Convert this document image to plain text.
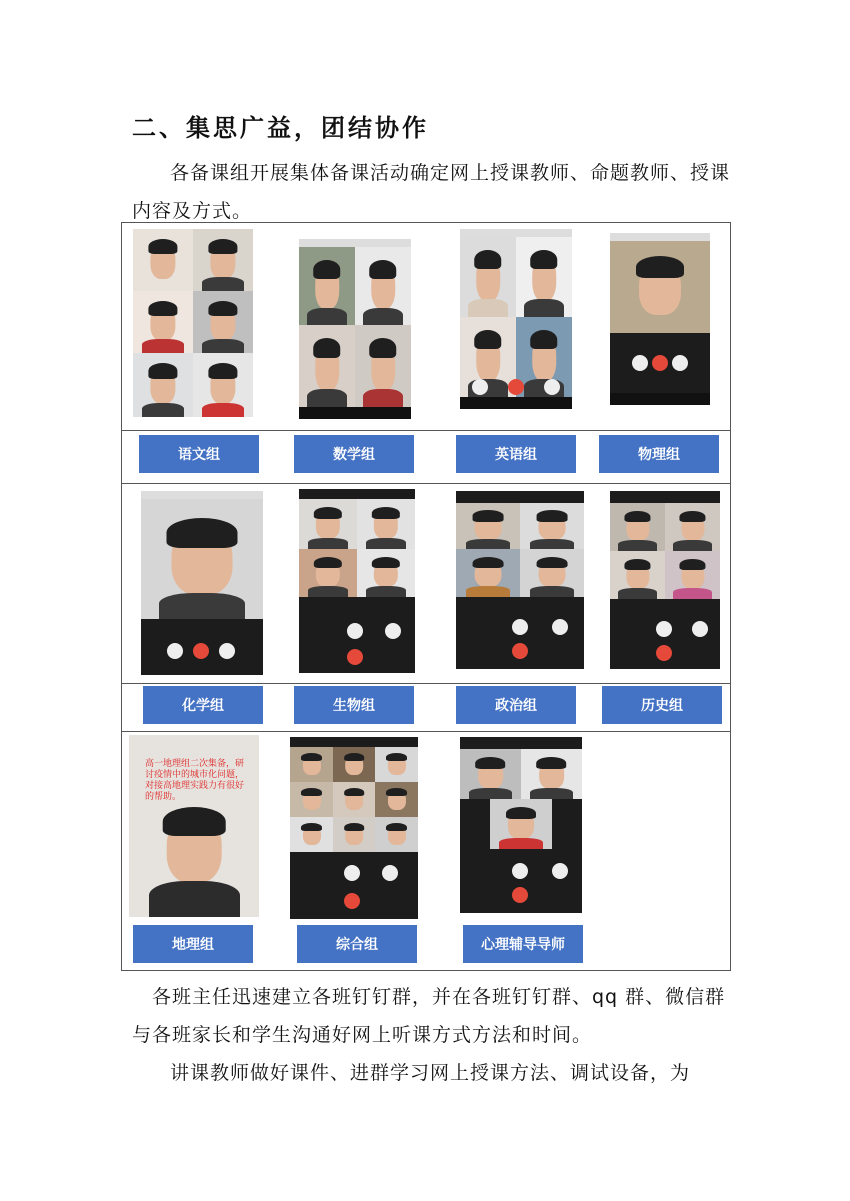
二、集思广益，团结协作
各备课组开展集体备课活动确定网上授课教师、命题教师、授课内容及方式。
语文组	数学组	英语组	物理组
化学组	生物组	政治组	历史组
高一地理组二次集备，研讨疫情中的城市化问题，对接高地理实践力有很好的帮助。
地理组	综合组	心理辅导导师
各班主任迅速建立各班钉钉群，并在各班钉钉群、qq 群、微信群与各班家长和学生沟通好网上听课方式方法和时间。
讲课教师做好课件、进群学习网上授课方法、调试设备，为
